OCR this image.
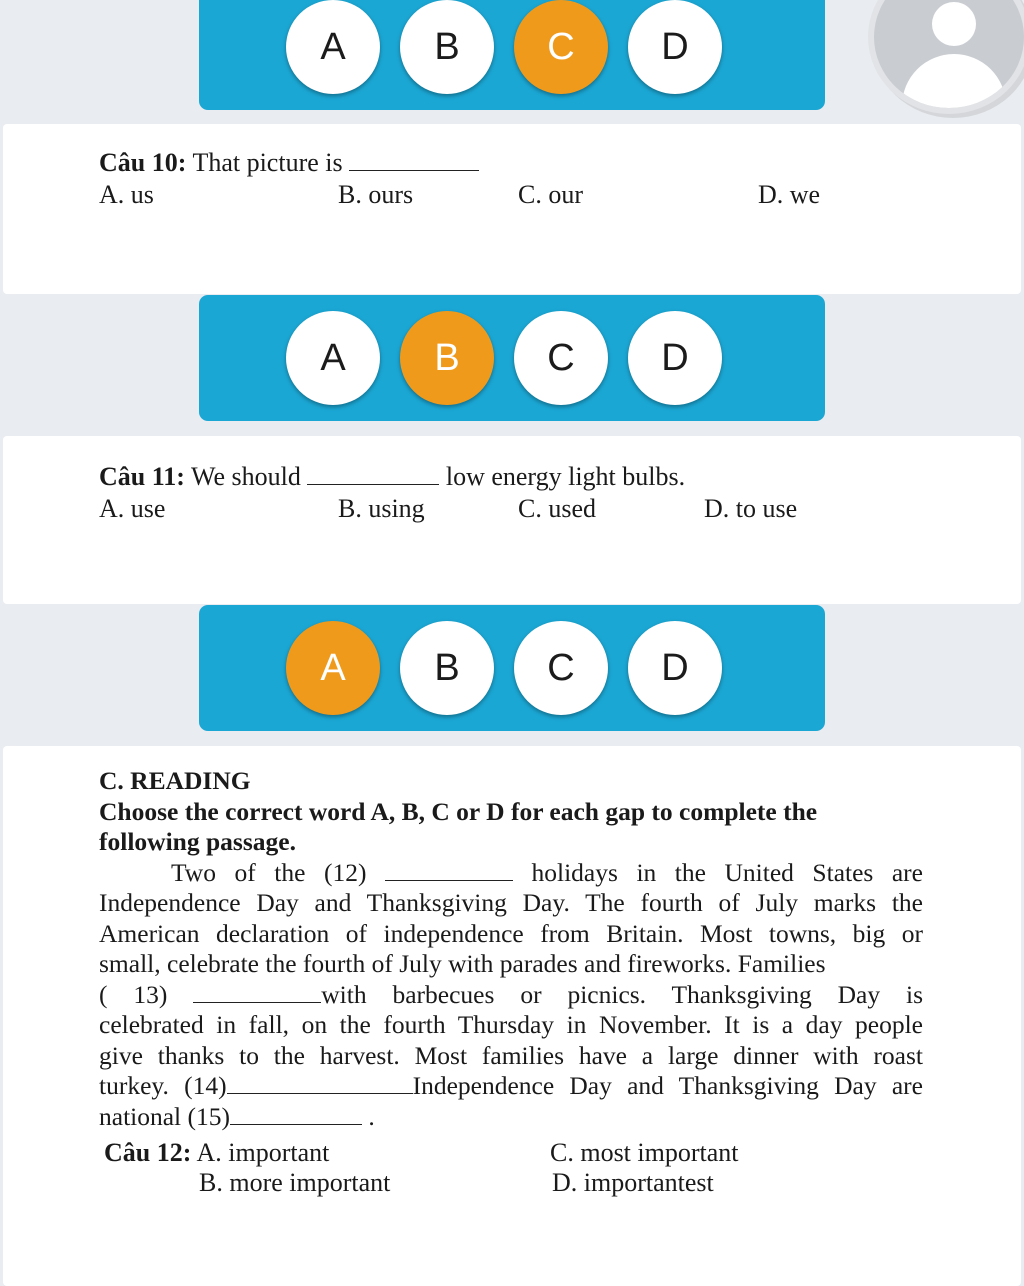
A	B	C	D
Câu 10: That picture is
A. us	B. ours	C. our	D. we
A	B	C	D
Câu 11: We should	low energy light bulbs.
A. use	B. using	C. used	D. to use
A	B	C	D
C. READING
Choose the correct word A, B, C or D for each gap to complete the
following passage.
Two of the (12)	holidays in the United States are
Independence Day and Thanksgiving Day. The fourth of July marks the
American declaration of independence from Britain. Most towns, big or
small, celebrate the fourth of July with parades and fireworks. Families
( 13)	with barbecues or picnics. Thanksgiving Day is
celebrated in fall, on the fourth Thursday in November. It is a day people
give thanks to the harvest. Most families have a large dinner with roast
turkey. (14)	Independence Day and Thanksgiving Day are
national (15)	.
Câu 12: A. important	C. most important
B. more important	D. importantest
